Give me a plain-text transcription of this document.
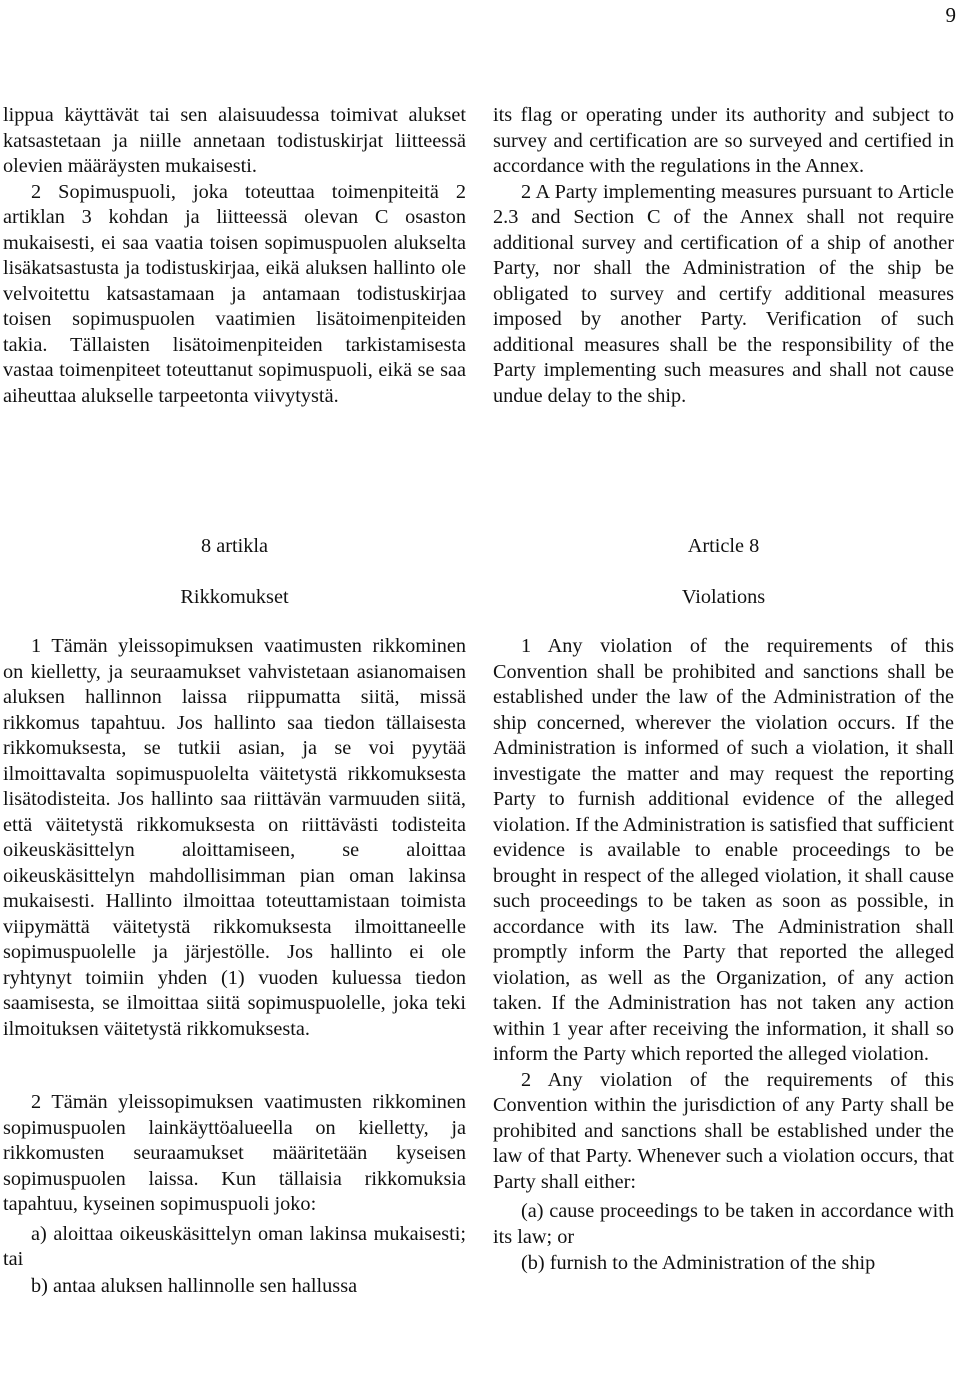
9

lippua käyttävät tai sen alaisuudessa toimivat alukset katsastetaan ja niille annetaan todistuskirjat liitteessä olevien määräysten mukaisesti.

2 Sopimuspuoli, joka toteuttaa toimenpiteitä 2 artiklan 3 kohdan ja liitteessä olevan C osaston mukaisesti, ei saa vaatia toisen sopimuspuolen alukselta lisäkatsastusta ja todistuskirjaa, eikä aluksen hallinto ole velvoitettu katsastamaan ja antamaan todistuskirjaa toisen sopimuspuolen vaatimien lisätoimenpiteiden takia. Tällaisten lisätoimenpiteiden tarkistamisesta vastaa toimenpiteet toteuttanut sopimuspuoli, eikä se saa aiheuttaa alukselle tarpeetonta viivytystä.

its flag or operating under its authority and subject to survey and certification are so surveyed and certified in accordance with the regulations in the Annex.

2 A Party implementing measures pursuant to Article 2.3 and Section C of the Annex shall not require additional survey and certification of a ship of another Party, nor shall the Administration of the ship be obligated to survey and certify additional measures imposed by another Party. Verification of such additional measures shall be the responsibility of the Party implementing such measures and shall not cause undue delay to the ship.

8 artikla

Rikkomukset

Article 8

Violations

1 Tämän yleissopimuksen vaatimusten rikkominen on kielletty, ja seuraamukset vahvistetaan asianomaisen aluksen hallinnon laissa riippumatta siitä, missä rikkomus tapahtuu. Jos hallinto saa tiedon tällaisesta rikkomuksesta, se tutkii asian, ja se voi pyytää ilmoittavalta sopimuspuolelta väitetystä rikkomuksesta lisätodisteita. Jos hallinto saa riittävän varmuuden siitä, että väitetystä rikkomuksesta on riittävästi todisteita oikeuskäsittelyn aloittamiseen, se aloittaa oikeuskäsittelyn mahdollisimman pian oman lakinsa mukaisesti. Hallinto ilmoittaa toteuttamistaan toimista viipymättä väitetystä rikkomuksesta ilmoittaneelle sopimuspuolelle ja järjestölle. Jos hallinto ei ole ryhtynyt toimiin yhden (1) vuoden kuluessa tiedon saamisesta, se ilmoittaa siitä sopimuspuolelle, joka teki ilmoituksen väitetystä rikkomuksesta.

2 Tämän yleissopimuksen vaatimusten rikkominen sopimuspuolen lainkäyttöalueella on kielletty, ja rikkomusten seuraamukset määritetään kyseisen sopimuspuolen laissa. Kun tällaisia rikkomuksia tapahtuu, kyseinen sopimuspuoli joko:

a) aloittaa oikeuskäsittelyn oman lakinsa mukaisesti; tai

b) antaa aluksen hallinnolle sen hallussa

1 Any violation of the requirements of this Convention shall be prohibited and sanctions shall be established under the law of the Administration of the ship concerned, wherever the violation occurs. If the Administration is informed of such a violation, it shall investigate the matter and may request the reporting Party to furnish additional evidence of the alleged violation. If the Administration is satisfied that sufficient evidence is available to enable proceedings to be brought in respect of the alleged violation, it shall cause such proceedings to be taken as soon as possible, in accordance with its law. The Administration shall promptly inform the Party that reported the alleged violation, as well as the Organization, of any action taken. If the Administration has not taken any action within 1 year after receiving the information, it shall so inform the Party which reported the alleged violation.

2 Any violation of the requirements of this Convention within the jurisdiction of any Party shall be prohibited and sanctions shall be established under the law of that Party. Whenever such a violation occurs, that Party shall either:

(a) cause proceedings to be taken in accordance with its law; or

(b) furnish to the Administration of the ship
